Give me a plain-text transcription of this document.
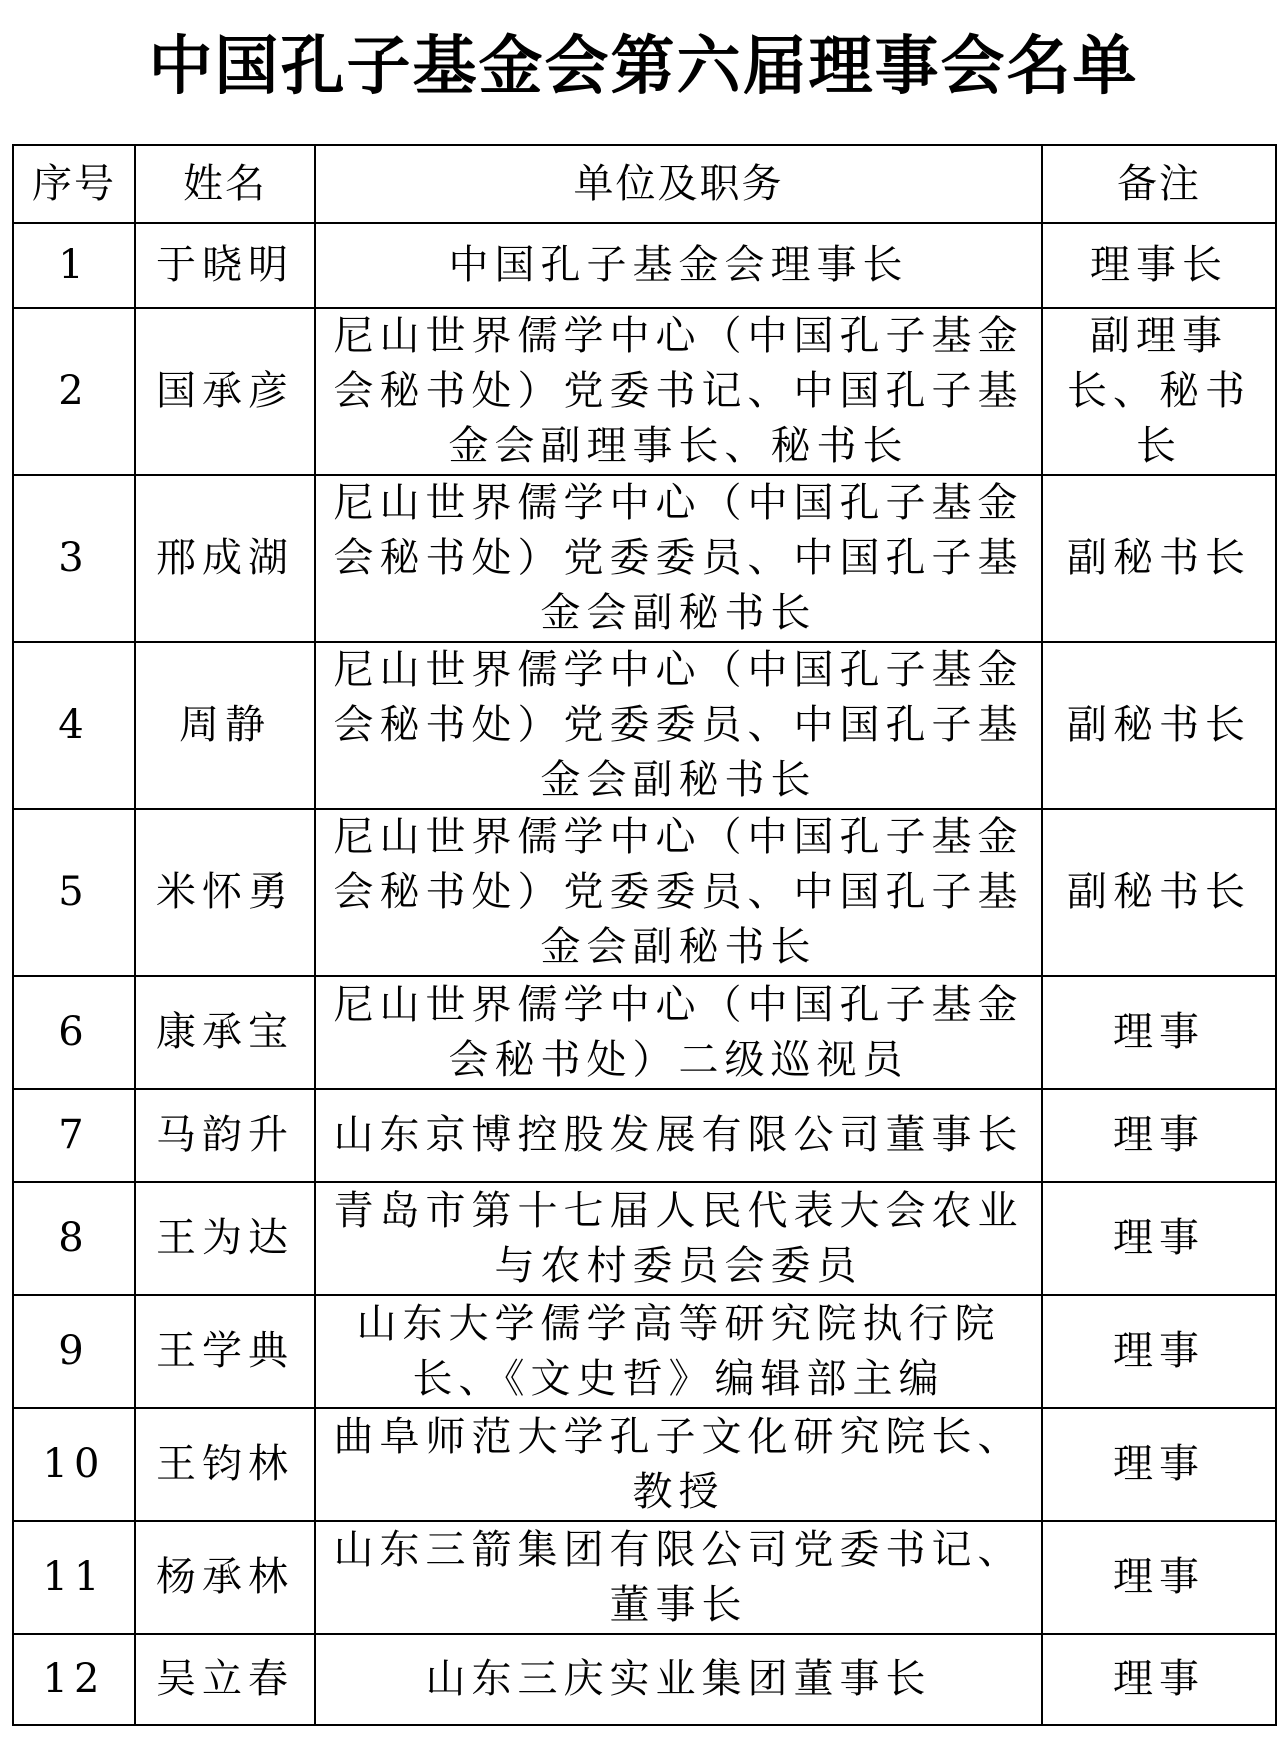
中国孔子基金会第六届理事会名单
序号	姓名	单位及职务	备注
1	于晓明	中国孔子基金会理事长	理事长
2	国承彦	尼山世界儒学中心（中国孔子基金会秘书处）党委书记、中国孔子基金会副理事长、秘书长	副理事长、秘书长
3	邢成湖	尼山世界儒学中心（中国孔子基金会秘书处）党委委员、中国孔子基金会副秘书长	副秘书长
4	周静	尼山世界儒学中心（中国孔子基金会秘书处）党委委员、中国孔子基金会副秘书长	副秘书长
5	米怀勇	尼山世界儒学中心（中国孔子基金会秘书处）党委委员、中国孔子基金会副秘书长	副秘书长
6	康承宝	尼山世界儒学中心（中国孔子基金会秘书处）二级巡视员	理事
7	马韵升	山东京博控股发展有限公司董事长	理事
8	王为达	青岛市第十七届人民代表大会农业与农村委员会委员	理事
9	王学典	山东大学儒学高等研究院执行院长、《文史哲》编辑部主编	理事
10	王钧林	曲阜师范大学孔子文化研究院长、教授	理事
11	杨承林	山东三箭集团有限公司党委书记、董事长	理事
12	吴立春	山东三庆实业集团董事长	理事
